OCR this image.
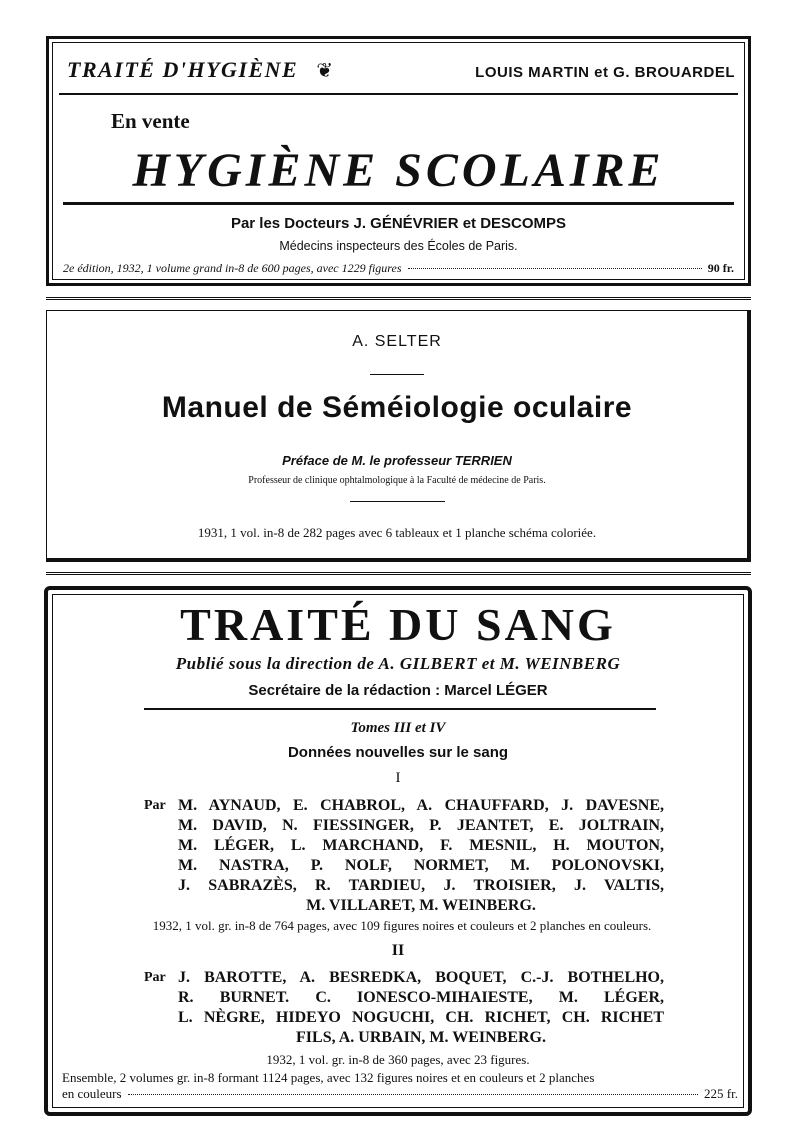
TRAITÉ D'HYGIÈNE ❦	LOUIS MARTIN et G. BROUARDEL
En vente
HYGIÈNE SCOLAIRE
Par les Docteurs J. GÉNÉVRIER et DESCOMPS
Médecins inspecteurs des Écoles de Paris.
2e édition, 1932, 1 volume grand in-8 de 600 pages, avec 1229 figures	90 fr.
A. SELTER
Manuel de Séméiologie oculaire
Préface de M. le professeur TERRIEN
Professeur de clinique ophtalmologique à la Faculté de médecine de Paris.
1931, 1 vol. in-8 de 282 pages avec 6 tableaux et 1 planche schéma coloriée.
TRAITÉ DU SANG
Publié sous la direction de A. GILBERT et M. WEINBERG
Secrétaire de la rédaction : Marcel LÉGER
Tomes III et IV
Données nouvelles sur le sang
I
Par M. AYNAUD, E. CHABROL, A. CHAUFFARD, J. DAVESNE,
M. DAVID, N. FIESSINGER, P. JEANTET, E. JOLTRAIN,
M. LÉGER, L. MARCHAND, F. MESNIL, H. MOUTON,
M. NASTRA, P. NOLF, NORMET, M. POLONOVSKI,
J. SABRAZÈS, R. TARDIEU, J. TROISIER, J. VALTIS,
M. VILLARET, M. WEINBERG.
1932, 1 vol. gr. in-8 de 764 pages, avec 109 figures noires et couleurs et 2 planches en couleurs.
II
Par J. BAROTTE, A. BESREDKA, BOQUET, C.-J. BOTHELHO,
R. BURNET. C. IONESCO-MIHAIESTE, M. LÉGER,
L. NÈGRE, HIDEYO NOGUCHI, CH. RICHET, CH. RICHET
FILS, A. URBAIN, M. WEINBERG.
1932, 1 vol. gr. in-8 de 360 pages, avec 23 figures.
Ensemble, 2 volumes gr. in-8 formant 1124 pages, avec 132 figures noires et en couleurs et 2 planches
en couleurs	225 fr.
